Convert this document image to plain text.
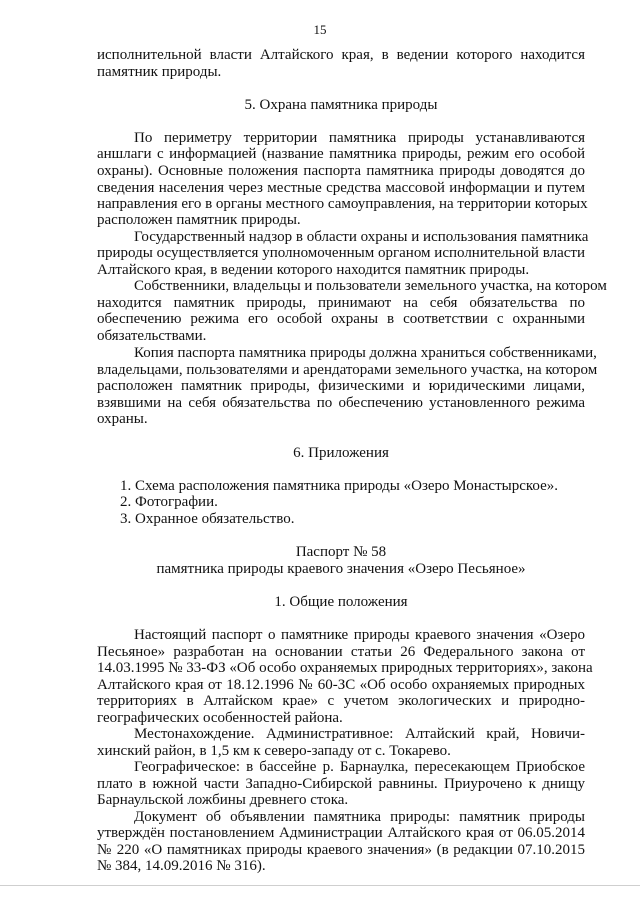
15
исполнительной власти Алтайского края, в ведении которого находится
памятник природы.
5. Охрана памятника природы
По периметру территории памятника природы устанавливаются
аншлаги с информацией (название памятника природы, режим его особой
охраны). Основные положения паспорта памятника природы доводятся до
сведения населения через местные средства массовой информации и путем
направления его в органы местного самоуправления, на территории которых
расположен памятник природы.
Государственный надзор в области охраны и использования памятника
природы осуществляется уполномоченным органом исполнительной власти
Алтайского края, в ведении которого находится памятник природы.
Собственники, владельцы и пользователи земельного участка, на котором
находится памятник природы, принимают на себя обязательства по
обеспечению режима его особой охраны в соответствии с охранными
обязательствами.
Копия паспорта памятника природы должна храниться собственниками,
владельцами, пользователями и арендаторами земельного участка, на котором
расположен памятник природы, физическими и юридическими лицами,
взявшими на себя обязательства по обеспечению установленного режима
охраны.
6. Приложения
1. Схема расположения памятника природы «Озеро Монастырское».
2. Фотографии.
3. Охранное обязательство.
Паспорт № 58
памятника природы краевого значения «Озеро Песьяное»
1. Общие положения
Настоящий паспорт о памятнике природы краевого значения «Озеро
Песьяное» разработан на основании статьи 26 Федерального закона от
14.03.1995 № 33-ФЗ «Об особо охраняемых природных территориях», закона
Алтайского края от 18.12.1996 № 60-ЗС «Об особо охраняемых природных
территориях в Алтайском крае» с учетом экологических и природно-
географических особенностей района.
Местонахождение. Административное: Алтайский край, Новичи-
хинский район, в 1,5 км к северо-западу от с. Токарево.
Географическое: в бассейне р. Барнаулка, пересекающем Приобское
плато в южной части Западно-Сибирской равнины. Приурочено к днищу
Барнаульской ложбины древнего стока.
Документ об объявлении памятника природы: памятник природы
утверждён постановлением Администрации Алтайского края от 06.05.2014
№ 220 «О памятниках природы краевого значения» (в редакции 07.10.2015
№ 384, 14.09.2016 № 316).
